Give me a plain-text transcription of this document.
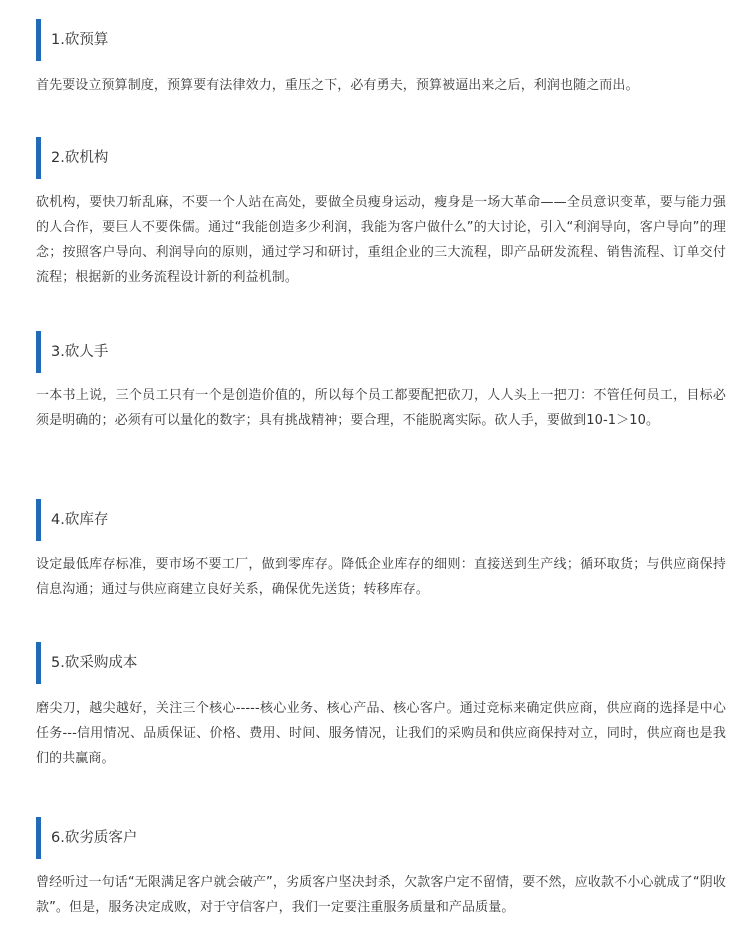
1.砍预算
首先要设立预算制度，预算要有法律效力，重压之下，必有勇夫，预算被逼出来之后，利润也随之而出。
2.砍机构
砍机构，要快刀斩乱麻，不要一个人站在高处，要做全员瘦身运动，瘦身是一场大革命——全员意识变革，要与能力强的人合作，要巨人不要侏儒。通过“我能创造多少利润，我能为客户做什么”的大讨论，引入“利润导向，客户导向”的理念；按照客户导向、利润导向的原则，通过学习和研讨，重组企业的三大流程，即产品研发流程、销售流程、订单交付流程；根据新的业务流程设计新的利益机制。
3.砍人手
一本书上说，三个员工只有一个是创造价值的，所以每个员工都要配把砍刀，人人头上一把刀：不管任何员工，目标必须是明确的；必须有可以量化的数字；具有挑战精神；要合理，不能脱离实际。砍人手，要做到10-1＞10。
4.砍库存
设定最低库存标准，要市场不要工厂，做到零库存。降低企业库存的细则：直接送到生产线；循环取货；与供应商保持信息沟通；通过与供应商建立良好关系，确保优先送货；转移库存。
5.砍采购成本
磨尖刀，越尖越好，关注三个核心-----核心业务、核心产品、核心客户。通过竞标来确定供应商，供应商的选择是中心任务---信用情况、品质保证、价格、费用、时间、服务情况，让我们的采购员和供应商保持对立，同时，供应商也是我们的共赢商。
6.砍劣质客户
曾经听过一句话“无限满足客户就会破产”，劣质客户坚决封杀，欠款客户定不留情，要不然，应收款不小心就成了“阴收款”。但是，服务决定成败，对于守信客户，我们一定要注重服务质量和产品质量。
